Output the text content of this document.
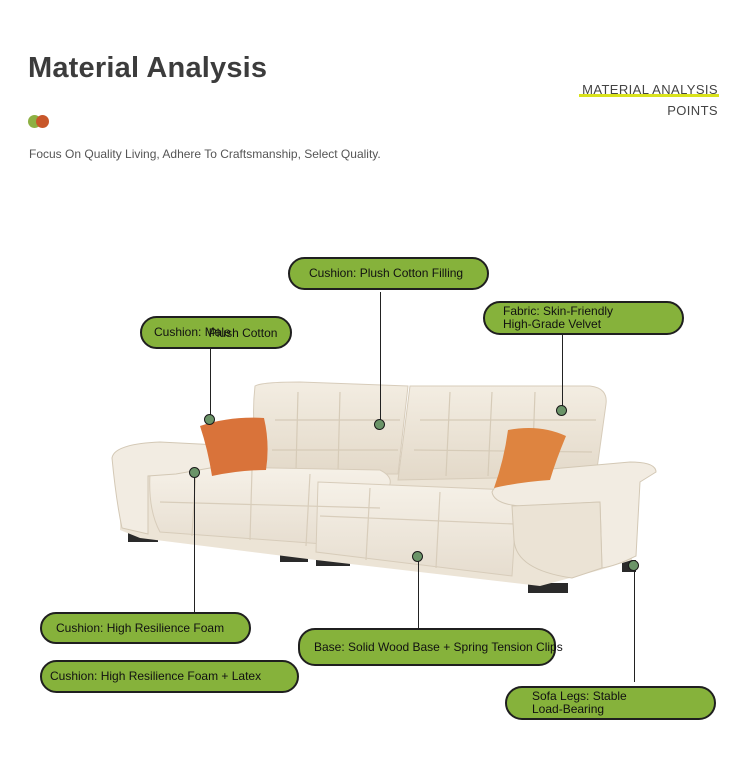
Material Analysis
Focus On Quality Living, Adhere To Craftsmanship, Select Quality.
MATERIAL ANALYSIS
POINTS
Cushion: Plush Cotton Filling
Cushion: Male
Plush Cotton
Fabric: Skin-Friendly
High-Grade Velvet
Cushion: High Resilience Foam
Cushion: High Resilience Foam + Latex
Base: Solid Wood Base + Spring Tension Clips
Sofa Legs: Stable
Load-Bearing
